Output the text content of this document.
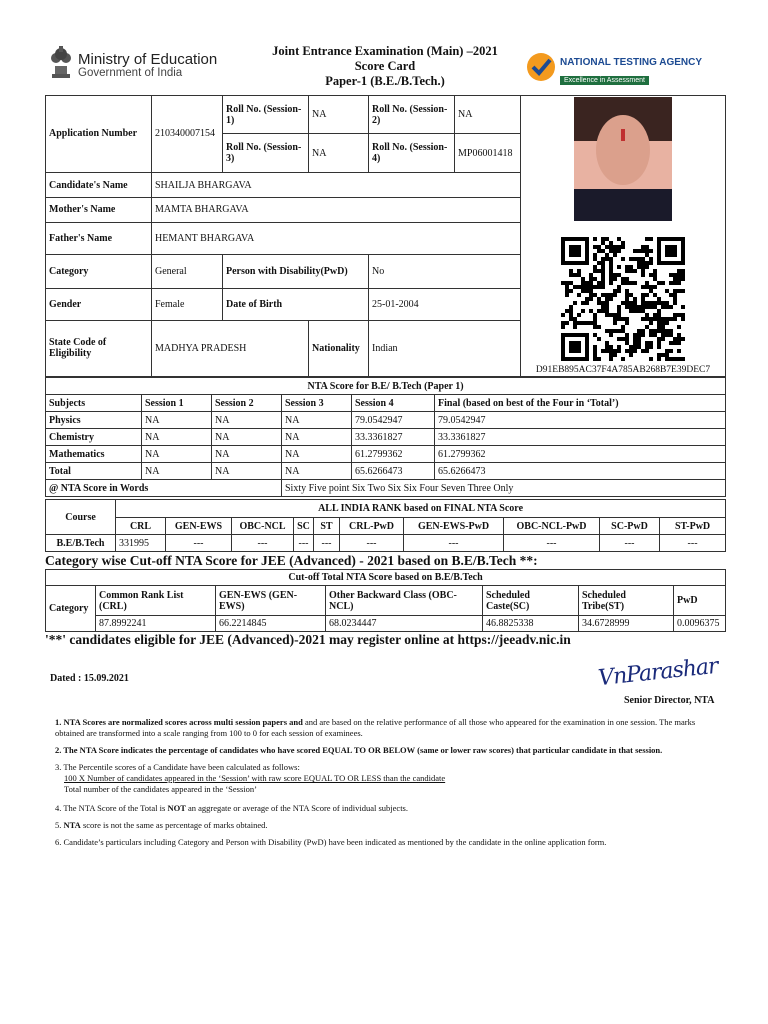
Ministry of Education
Government of India
Joint Entrance Examination (Main) –2021
Score Card
Paper-1 (B.E./B.Tech.)
NATIONAL TESTING AGENCY
Excellence in Assessment
Application Number	210340007154	Roll No. (Session-1)	NA	Roll No. (Session-2)	NA	

		Roll No. (Session-3)	NA	Roll No. (Session-4)	MP06001418	
Candidate's Name	SHAILJA BHARGAVA					
Mother's Name	MAMTA BHARGAVA					
Father's Name	HEMANT BHARGAVA					D91EB895AC37F4A785AB268B7E39DEC7

Category	General	Person with Disability(PwD)		No		
Gender	Female	Date of Birth		25-01-2004		
State Code of Eligibility	MADHYA PRADESH		Nationality	Indian		
NTA Score for B.E/ B.Tech (Paper 1)					
Subjects	Session 1	Session 2	Session 3	Session 4	Final (based on best of the Four in ‘Total’)
Physics	NA	NA	NA	79.0542947	79.0542947
Chemistry	NA	NA	NA	33.3361827	33.3361827
Mathematics	NA	NA	NA	61.2799362	61.2799362
Total	NA	NA	NA	65.6266473	65.6266473
@ NTA Score in Words			Sixty Five point Six Two Six Six Four Seven Three Only		
Course	ALL INDIA RANK based on FINAL NTA Score									
	CRL	GEN-EWS	OBC-NCL	SC	ST	CRL-PwD	GEN-EWS-PwD	OBC-NCL-PwD	SC-PwD	ST-PwD
B.E/B.Tech	331995	---	---	---	---	---	---	---	---	---
Category wise Cut-off NTA Score for JEE (Advanced) - 2021 based on B.E/B.Tech **:
Cut-off Total NTA Score based on B.E/B.Tech						
Category	Common Rank List (CRL)	GEN-EWS (GEN-EWS)	Other Backward Class (OBC-NCL)	Scheduled Caste(SC)	Scheduled Tribe(ST)	PwD
	87.8992241	66.2214845	68.0234447	46.8825338	34.6728999	0.0096375
'**' candidates eligible for JEE (Advanced)-2021 may register online at https://jeeadv.nic.in
Dated : 15.09.2021	VnParashar
Senior Director, NTA

1. NTA Scores are normalized scores across multi session papers and and are based on the relative performance of all those who appeared for the examination in one session. The marks obtained are transformed into a scale ranging from 100 to 0 for each session of examinees.

2. The NTA Score indicates the percentage of candidates who have scored EQUAL TO OR BELOW (same or lower raw scores) that particular candidate in that session.

3. The Percentile scores of a Candidate have been calculated as follows:
100 X Number of candidates appeared in the ‘Session’ with raw score EQUAL TO OR LESS than the candidate
Total number of the candidates appeared in the ‘Session’

4. The NTA Score of the Total is NOT an aggregate or average of the NTA Score of individual subjects.

5. NTA score is not the same as percentage of marks obtained.

6. Candidate’s particulars including Category and Person with Disability (PwD) have been indicated as mentioned by the candidate in the online application form.
